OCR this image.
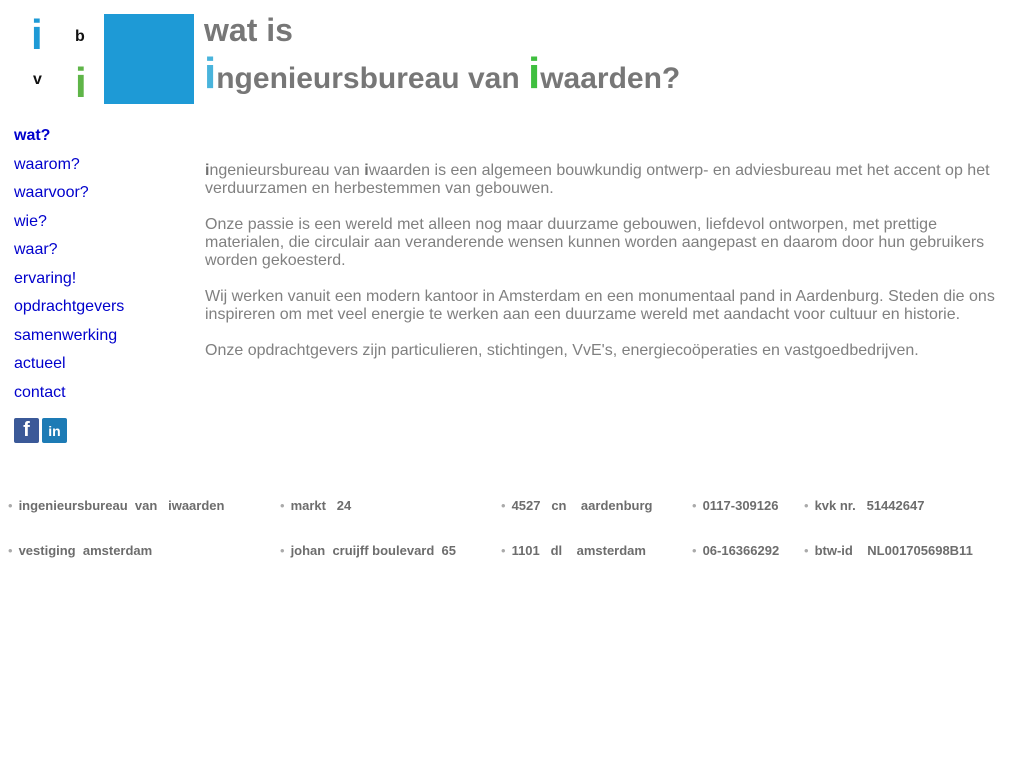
i b
v i
wat is
ingenieursbureau van iwaarden?
wat?
waarom?
waarvoor?
wie?
waar?
ervaring!
opdrachtgevers
samenwerking
actueel
contact
f	in

ingenieursbureau van iwaarden is een algemeen bouwkundig ontwerp- en adviesbureau met het accent op het verduurzamen en herbestemmen van gebouwen.

Onze passie is een wereld met alleen nog maar duurzame gebouwen, liefdevol ontworpen, met prettige materialen, die circulair aan veranderende wensen kunnen worden aangepast en daarom door hun gebruikers worden gekoesterd.

Wij werken vanuit een modern kantoor in Amsterdam en een monumentaal pand in Aardenburg. Steden die ons inspireren om met veel energie te werken aan een duurzame wereld met aandacht voor cultuur en historie.

Onze opdrachtgevers zijn particulieren, stichtingen, VvE's, energiecoöperaties en vastgoedbedrijven.

• ingenieursbureau  van   iwaarden	• markt   24	• 4527   cn    aardenburg	• 0117-309126 • kvk nr.   51442647
• vestiging  amsterdam	• johan  cruijff boulevard  65	• 1101   dl    amsterdam	• 06-16366292 • btw-id    NL001705698B11
